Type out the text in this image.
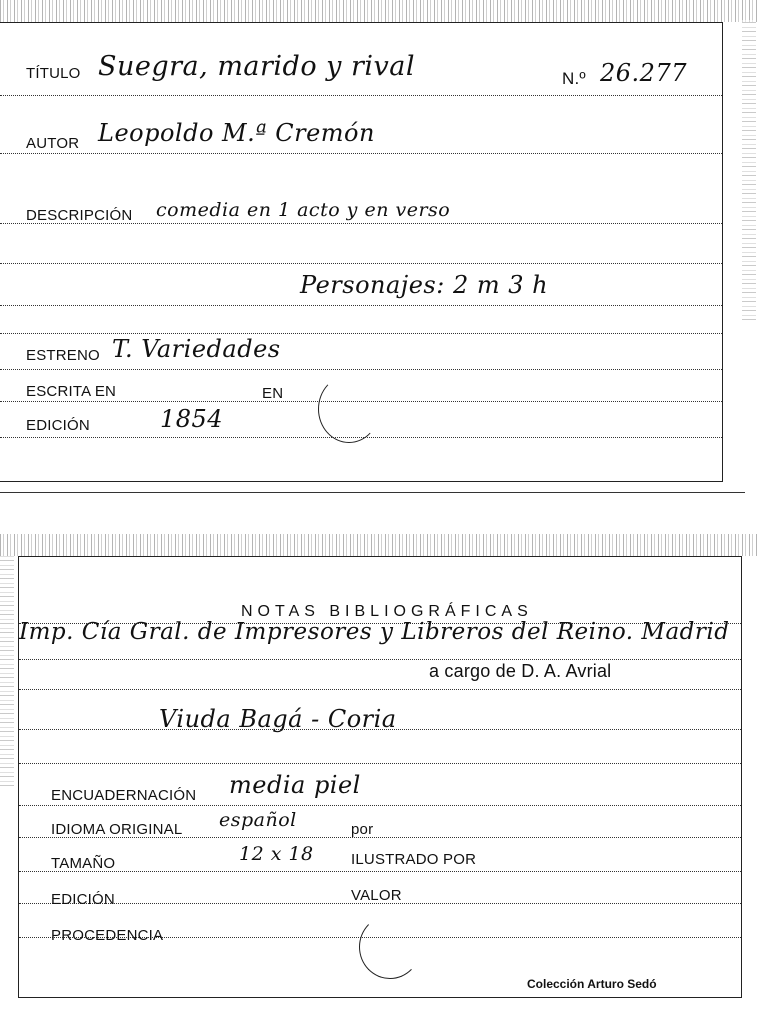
TÍTULO Suegra, marido y rival	N.º 26.277
AUTOR Leopoldo M.ª Cremón
DESCRIPCIÓN comedia en 1 acto y en verso
Personajes: 2 m 3 h
ESTRENO T. Variedades
ESCRITA EN	EN
EDICIÓN	1854
NOTAS BIBLIOGRÁFICAS
Imp. Cía Gral. de Impresores y Libreros del Reino. Madrid
a cargo de D. A. Avrial
Viuda Bagá - Coria
ENCUADERNACIÓN media piel
IDIOMA ORIGINAL español	por
TAMAÑO	12 x 18 ILUSTRADO POR
EDICIÓN	VALOR
PROCEDENCIA
Colección Arturo Sedó
